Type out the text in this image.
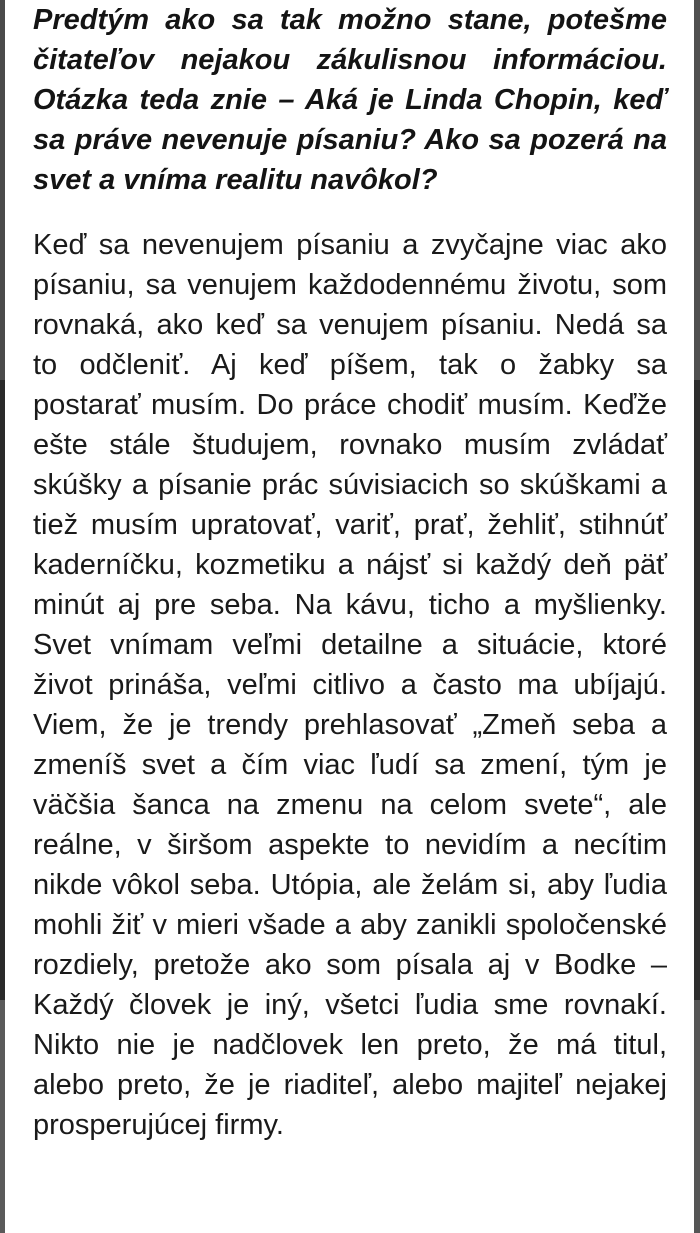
Predtým ako sa tak možno stane, potešme čitateľov nejakou zákulisnou informáciou. Otázka teda znie – Aká je Linda Chopin, keď sa práve nevenuje písaniu? Ako sa pozerá na svet a vníma realitu navôkol?

Keď sa nevenujem písaniu a zvyčajne viac ako písaniu, sa venujem každodennému životu, som rovnaká, ako keď sa venujem písaniu. Nedá sa to odčleniť. Aj keď píšem, tak o žabky sa postarať musím. Do práce chodiť musím. Keďže ešte stále študujem, rovnako musím zvládať skúšky a písanie prác súvisiacich so skúškami a tiež musím upratovať, variť, prať, žehliť, stihnúť kaderníčku, kozmetiku a nájsť si každý deň päť minút aj pre seba. Na kávu, ticho a myšlienky. Svet vnímam veľmi detailne a situácie, ktoré život prináša, veľmi citlivo a často ma ubíjajú. Viem, že je trendy prehlasovať „Zmeň seba a zmeníš svet a čím viac ľudí sa zmení, tým je väčšia šanca na zmenu na celom svete“, ale reálne, v širšom aspekte to nevidím a necítim nikde vôkol seba. Utópia, ale želám si, aby ľudia mohli žiť v mieri všade a aby zanikli spoločenské rozdiely, pretože ako som písala aj v Bodke – Každý človek je iný, všetci ľudia sme rovnakí. Nikto nie je nadčlovek len preto, že má titul, alebo preto, že je riaditeľ, alebo majiteľ nejakej prosperujúcej firmy.
